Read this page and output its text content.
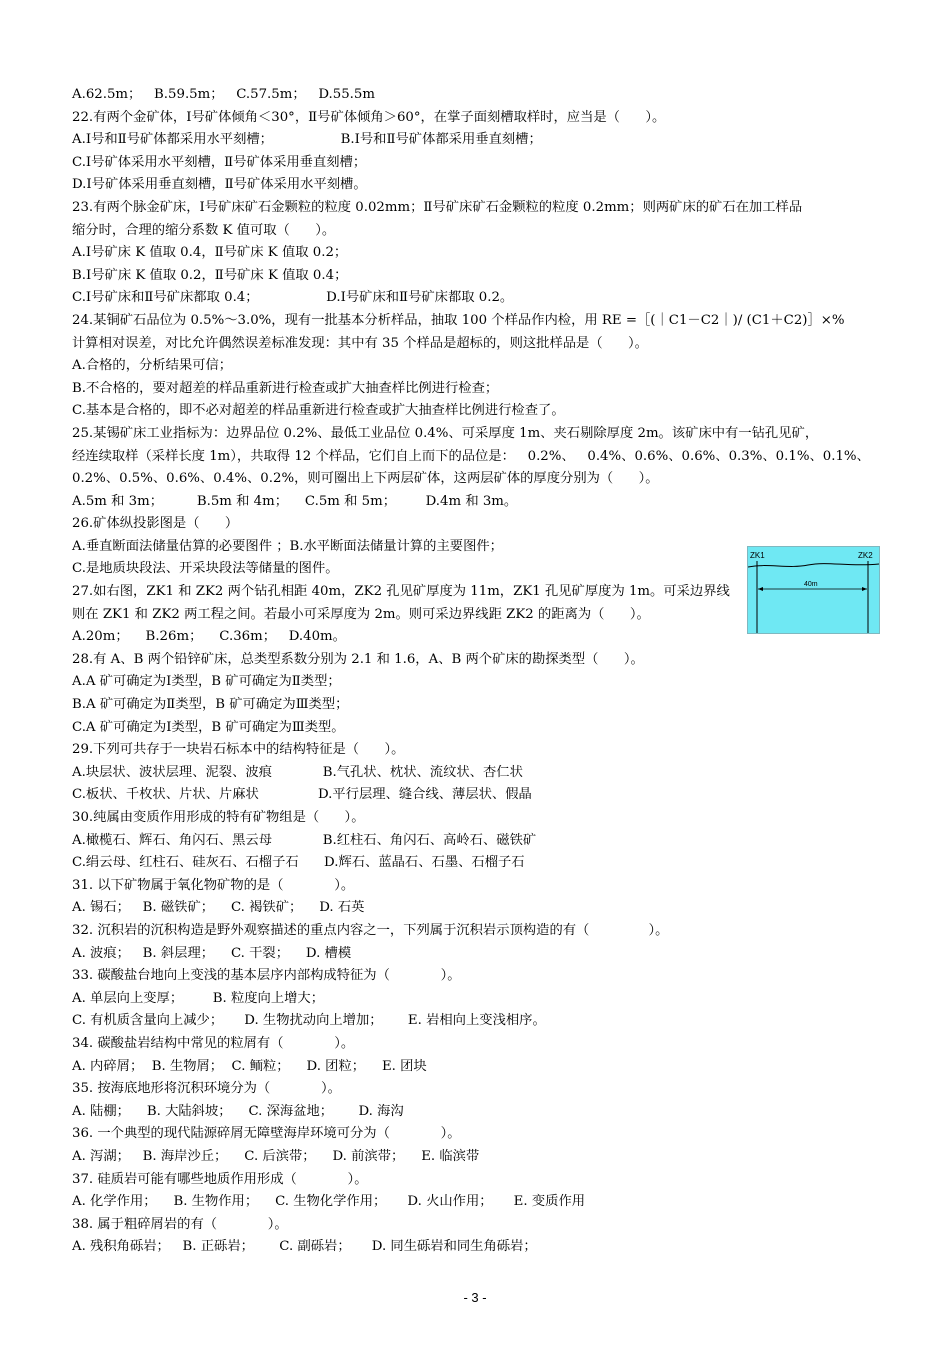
A.62.5m；   B.59.5m；   C.57.5m；   D.55.5m
22.有两个金矿体，Ⅰ号矿体倾角＜30°，Ⅱ号矿体倾角＞60°，在掌子面刻槽取样时，应当是（      ）。
A.Ⅰ号和Ⅱ号矿体都采用水平刻槽；                B.Ⅰ号和Ⅱ号矿体都采用垂直刻槽；
C.Ⅰ号矿体采用水平刻槽，Ⅱ号矿体采用垂直刻槽；
D.Ⅰ号矿体采用垂直刻槽，Ⅱ号矿体采用水平刻槽。
23.有两个脉金矿床，Ⅰ号矿床矿石金颗粒的粒度 0.02mm；Ⅱ号矿床矿石金颗粒的粒度 0.2mm；则两矿床的矿石在加工样品
缩分时，合理的缩分系数 K 值可取（      ）。
A.Ⅰ号矿床 K 值取 0.4，Ⅱ号矿床 K 值取 0.2；
B.Ⅰ号矿床 K 值取 0.2，Ⅱ号矿床 K 值取 0.4；
C.Ⅰ号矿床和Ⅱ号矿床都取 0.4；                D.Ⅰ号矿床和Ⅱ号矿床都取 0.2。
24.某铜矿石品位为 0.5%～3.0%，现有一批基本分析样品，抽取 100 个样品作内检，用 RE =［(｜C1－C2｜)/ (C1＋C2)］×%
计算相对误差，对比允许偶然误差标准发现：其中有 35 个样品是超标的，则这批样品是（      ）。
A.合格的，分析结果可信；
B.不合格的，要对超差的样品重新进行检查或扩大抽查样比例进行检查；
C.基本是合格的，即不必对超差的样品重新进行检查或扩大抽查样比例进行检查了。
25.某锡矿床工业指标为：边界品位 0.2%、最低工业品位 0.4%、可采厚度 1m、夹石剔除厚度 2m。该矿床中有一钻孔见矿，
经连续取样（采样长度 1m），共取得 12 个样品，它们自上而下的品位是：   0.2%、   0.4%、0.6%、0.6%、0.3%、0.1%、0.1%、
0.2%、0.5%、0.6%、0.4%、0.2%，则可圈出上下两层矿体，这两层矿体的厚度分别为（      ）。
A.5m 和 3m；        B.5m 和 4m；    C.5m 和 5m；       D.4m 和 3m。
26.矿体纵投影图是（      ）
A.垂直断面法储量估算的必要图件 ；B.水平断面法储量计算的主要图件；
C.是地质块段法、开采块段法等储量的图件。
27.如右图，ZK1 和 ZK2 两个钻孔相距 40m，ZK2 孔见矿厚度为 11m，ZK1 孔见矿厚度为 1m。可采边界线
则在 ZK1 和 ZK2 两工程之间。若最小可采厚度为 2m。则可采边界线距 ZK2 的距离为（      ）。
A.20m；    B.26m；    C.36m；   D.40m。
28.有 A、B 两个铅锌矿床，总类型系数分别为 2.1 和 1.6，A、B 两个矿床的勘探类型（      ）。
A.A 矿可确定为Ⅰ类型，B 矿可确定为Ⅱ类型；
B.A 矿可确定为Ⅱ类型，B 矿可确定为Ⅲ类型；
C.A 矿可确定为Ⅰ类型，B 矿可确定为Ⅲ类型。
29.下列可共存于一块岩石标本中的结构特征是（      ）。
A.块层状、波状层理、泥裂、波痕            B.气孔状、枕状、流纹状、杏仁状
C.板状、千枚状、片状、片麻状              D.平行层理、缝合线、薄层状、假晶
30.纯属由变质作用形成的特有矿物组是（      ）。
A.橄榄石、辉石、角闪石、黑云母            B.红柱石、角闪石、高岭石、磁铁矿
C.绢云母、红柱石、硅灰石、石榴子石      D.辉石、蓝晶石、石墨、石榴子石
31. 以下矿物属于氧化物矿物的是（            ）。
A. 锡石；   B. 磁铁矿；    C. 褐铁矿；    D. 石英
32. 沉积岩的沉积构造是野外观察描述的重点内容之一，下列属于沉积岩示顶构造的有（              ）。
A. 波痕；   B. 斜层理；    C. 干裂；    D. 槽模
33. 碳酸盐台地向上变浅的基本层序内部构成特征为（            ）。
A. 单层向上变厚；       B. 粒度向上增大；
C. 有机质含量向上减少；     D. 生物扰动向上增加；      E. 岩相向上变浅相序。
34. 碳酸盐岩结构中常见的粒屑有（            ）。
A. 内碎屑；  B. 生物屑；  C. 鲕粒；    D. 团粒；    E. 团块
35. 按海底地形将沉积环境分为（            ）。
A. 陆棚；    B. 大陆斜坡；    C. 深海盆地；      D. 海沟
36. 一个典型的现代陆源碎屑无障壁海岸环境可分为（            ）。
A. 泻湖；   B. 海岸沙丘；    C. 后滨带；    D. 前滨带；    E. 临滨带
37. 硅质岩可能有哪些地质作用形成（            ）。
A. 化学作用；    B. 生物作用；    C. 生物化学作用；     D. 火山作用；     E. 变质作用
38. 属于粗碎屑岩的有（            ）。
A. 残积角砾岩；   B. 正砾岩；      C. 副砾岩；     D. 同生砾岩和同生角砾岩；
ZK1	ZK2
40m
- 3 -
